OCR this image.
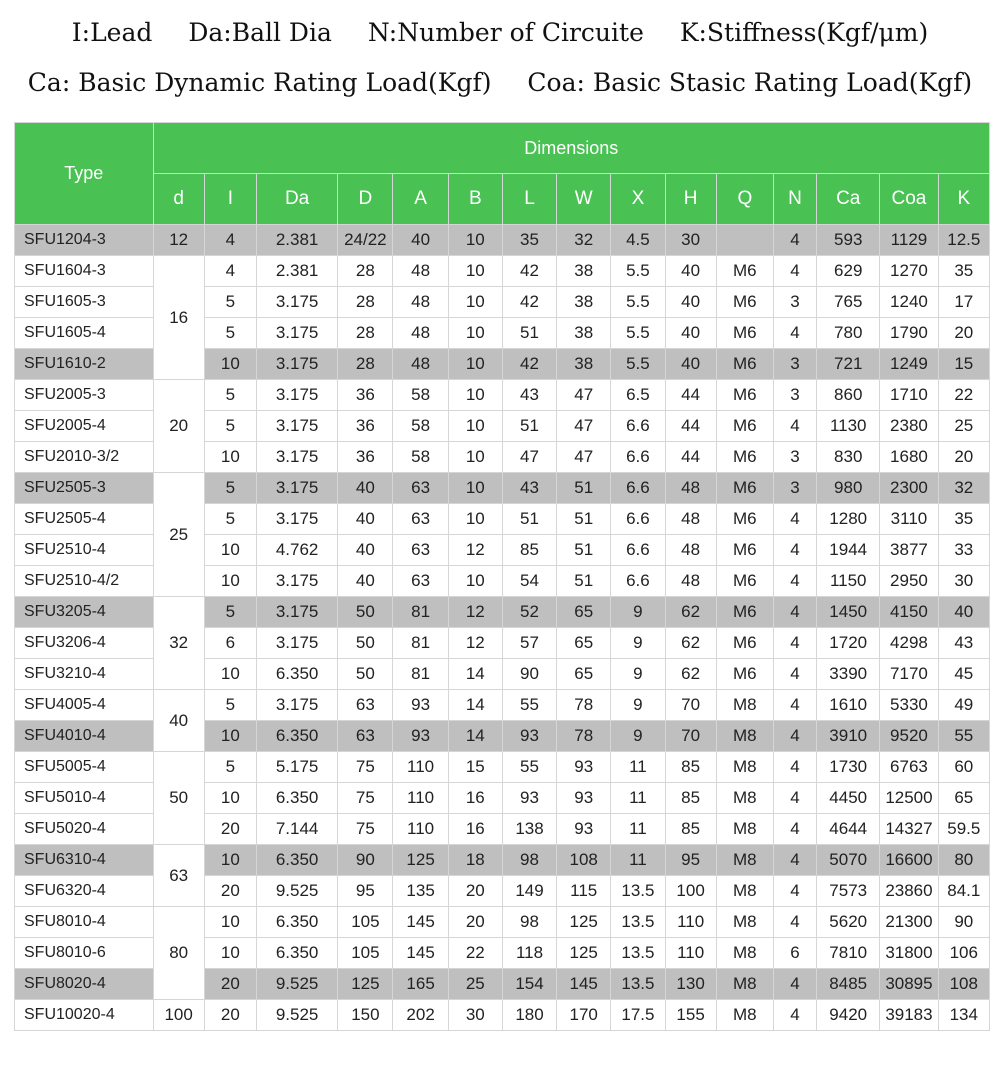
I:Lead Da:Ball Dia N:Number of Circuite K:Stiffness(Kgf/μm)
Ca: Basic Dynamic Rating Load(Kgf) Coa: Basic Stasic Rating Load(Kgf)
Type	Dimensions														
	d	I	Da	D	A	B	L	W	X	H	Q	N	Ca	Coa	K
SFU1204-3	12	4	2.381	24/22	40	10	35	32	4.5	30		4	593	1129	12.5
SFU1604-3	16	4	2.381	28	48	10	42	38	5.5	40	M6	4	629	1270	35
SFU1605-3		5	3.175	28	48	10	42	38	5.5	40	M6	3	765	1240	17
SFU1605-4		5	3.175	28	48	10	51	38	5.5	40	M6	4	780	1790	20
SFU1610-2		10	3.175	28	48	10	42	38	5.5	40	M6	3	721	1249	15
SFU2005-3	20	5	3.175	36	58	10	43	47	6.5	44	M6	3	860	1710	22
SFU2005-4		5	3.175	36	58	10	51	47	6.6	44	M6	4	1130	2380	25
SFU2010-3/2		10	3.175	36	58	10	47	47	6.6	44	M6	3	830	1680	20
SFU2505-3	25	5	3.175	40	63	10	43	51	6.6	48	M6	3	980	2300	32
SFU2505-4		5	3.175	40	63	10	51	51	6.6	48	M6	4	1280	3110	35
SFU2510-4		10	4.762	40	63	12	85	51	6.6	48	M6	4	1944	3877	33
SFU2510-4/2		10	3.175	40	63	10	54	51	6.6	48	M6	4	1150	2950	30
SFU3205-4	32	5	3.175	50	81	12	52	65	9	62	M6	4	1450	4150	40
SFU3206-4		6	3.175	50	81	12	57	65	9	62	M6	4	1720	4298	43
SFU3210-4		10	6.350	50	81	14	90	65	9	62	M6	4	3390	7170	45
SFU4005-4	40	5	3.175	63	93	14	55	78	9	70	M8	4	1610	5330	49
SFU4010-4		10	6.350	63	93	14	93	78	9	70	M8	4	3910	9520	55
SFU5005-4	50	5	5.175	75	110	15	55	93	11	85	M8	4	1730	6763	60
SFU5010-4		10	6.350	75	110	16	93	93	11	85	M8	4	4450	12500	65
SFU5020-4		20	7.144	75	110	16	138	93	11	85	M8	4	4644	14327	59.5
SFU6310-4	63	10	6.350	90	125	18	98	108	11	95	M8	4	5070	16600	80
SFU6320-4		20	9.525	95	135	20	149	115	13.5	100	M8	4	7573	23860	84.1
SFU8010-4	80	10	6.350	105	145	20	98	125	13.5	110	M8	4	5620	21300	90
SFU8010-6		10	6.350	105	145	22	118	125	13.5	110	M8	6	7810	31800	106
SFU8020-4		20	9.525	125	165	25	154	145	13.5	130	M8	4	8485	30895	108
SFU10020-4	100	20	9.525	150	202	30	180	170	17.5	155	M8	4	9420	39183	134
